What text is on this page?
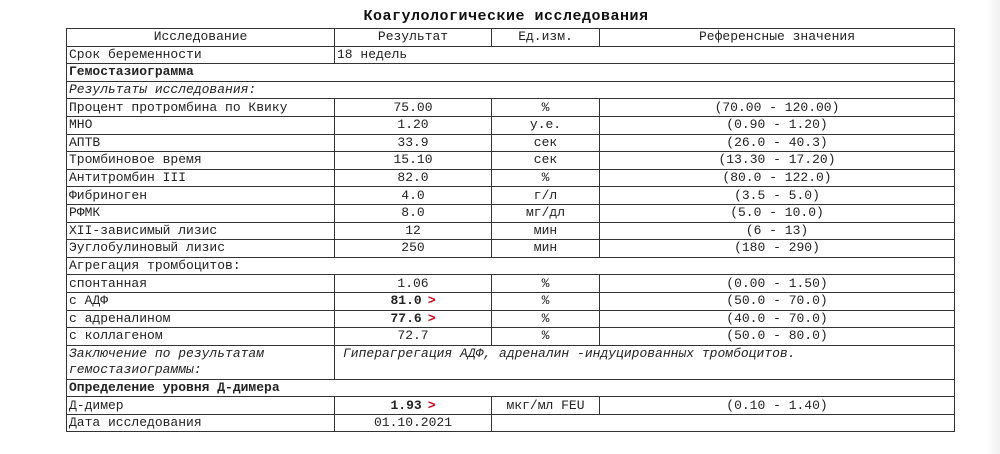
Коагулологические исследования
Исследование	Результат	Ед.изм.	Референсные значения
Срок беременности	18 недель		
Гемостазиограмма			
Результаты исследования:			
Процент протромбина по Квику	75.00	%	(70.00 - 120.00)
МНО	1.20	у.е.	(0.90 - 1.20)
АПТВ	33.9	сек	(26.0 - 40.3)
Тромбиновое время	15.10	сек	(13.30 - 17.20)
Антитромбин III	82.0	%	(80.0 - 122.0)
Фибриноген	4.0	г/л	(3.5 - 5.0)
РФМК	8.0	мг/дл	(5.0 - 10.0)
XII-зависимый лизис	12	мин	(6 - 13)
Эуглобулиновый лизис	250	мин	(180 - 290)
Агрегация тромбоцитов:			
спонтанная	1.06	%	(0.00 - 1.50)
с АДФ	81.0 >	%	(50.0 - 70.0)
с адреналином	77.6 >	%	(40.0 - 70.0)
с коллагеном	72.7	%	(50.0 - 80.0)
Заключение по результатам гемостазиограммы:	Гиперагрегация АДФ, адреналин -индуцированных тромбоцитов.		
Определение уровня Д-димера			
Д-димер	1.93 >	мкг/мл FEU	(0.10 - 1.40)
Дата исследования	01.10.2021		
